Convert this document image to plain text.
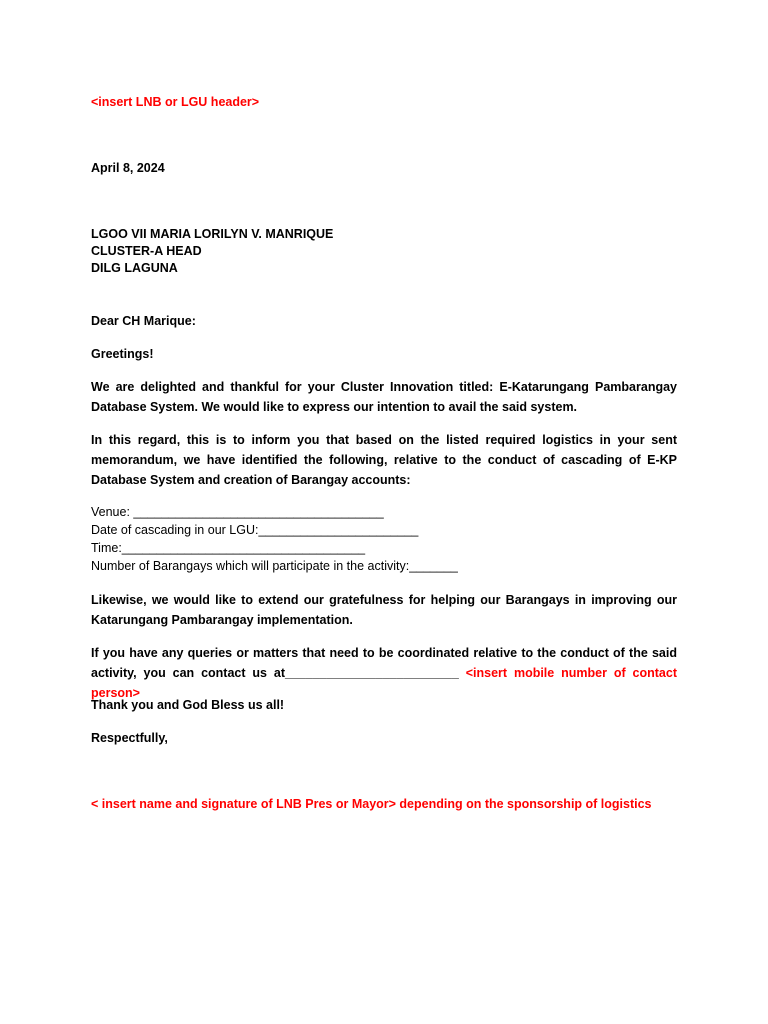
<insert LNB or LGU header>
April 8, 2024
LGOO VII MARIA LORILYN V. MANRIQUE
CLUSTER-A HEAD
DILG LAGUNA
Dear CH Marique:
Greetings!
We are delighted and thankful for your Cluster Innovation titled: E-Katarungang Pambarangay Database System. We would like to express our intention to avail the said system.
In this regard, this is to inform you that based on the listed required logistics in your sent memorandum, we have identified the following, relative to the conduct of cascading of E-KP Database System and creation of Barangay accounts:
Venue: ____________________________________
Date of cascading in our LGU:_______________________
Time:___________________________________
Number of Barangays which will participate in the activity:_______
Likewise, we would like to extend our gratefulness for helping our Barangays in improving our Katarungang Pambarangay implementation.
If you have any queries or matters that need to be coordinated relative to the conduct of the said activity, you can contact us at_________________________ <insert mobile number of contact person>
Thank you and God Bless us all!
Respectfully,
< insert name and signature of LNB Pres or Mayor> depending on the sponsorship of logistics
